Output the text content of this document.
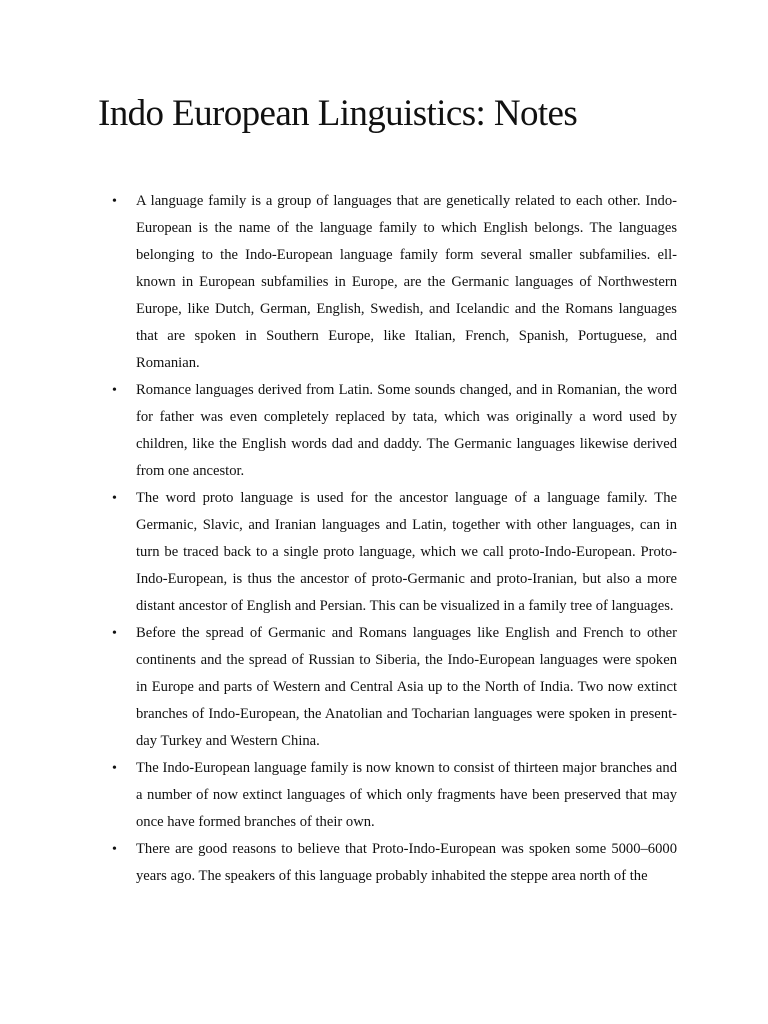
Indo European Linguistics: Notes
•	A language family is a group of languages that are genetically related to each other. Indo-European is the name of the language family to which English belongs. The languages belonging to the Indo-European language family form several smaller subfamilies. ell-known in European subfamilies in Europe, are the Germanic languages of Northwestern Europe, like Dutch, German, English, Swedish, and Icelandic and the Romans languages that are spoken in Southern Europe, like Italian, French, Spanish, Portuguese, and Romanian.
•	Romance languages derived from Latin. Some sounds changed, and in Romanian, the word for father was even completely replaced by tata, which was originally a word used by children, like the English words dad and daddy. The Germanic languages likewise derived from one ancestor.
•	The word proto language is used for the ancestor language of a language family. The Germanic, Slavic, and Iranian languages and Latin, together with other languages, can in turn be traced back to a single proto language, which we call proto-Indo-European. Proto-Indo-European, is thus the ancestor of proto-Germanic and proto-Iranian, but also a more distant ancestor of English and Persian. This can be visualized in a family tree of languages.
•	Before the spread of Germanic and Romans languages like English and French to other continents and the spread of Russian to Siberia, the Indo-European languages were spoken in Europe and parts of Western and Central Asia up to the North of India. Two now extinct branches of Indo-European, the Anatolian and Tocharian languages were spoken in present-day Turkey and Western China.
•	The Indo-European language family is now known to consist of thirteen major branches and a number of now extinct languages of which only fragments have been preserved that may once have formed branches of their own.
•	There are good reasons to believe that Proto-Indo-European was spoken some 5000–6000 years ago. The speakers of this language probably inhabited the steppe area north of the
